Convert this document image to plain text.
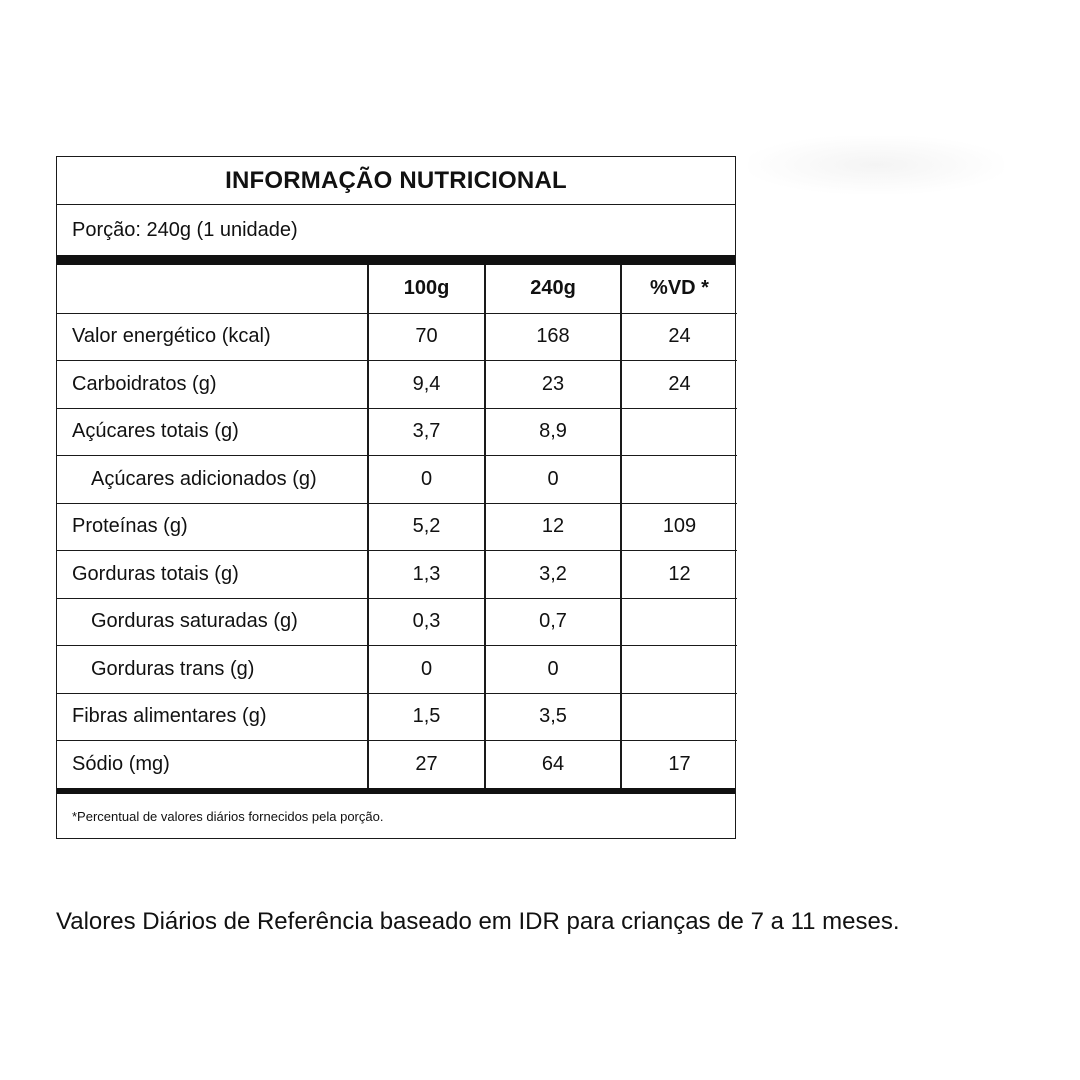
INFORMAÇÃO NUTRICIONAL
Porção: 240g (1 unidade)
	100g	240g	%VD *
Valor energético (kcal)	70	168	24
Carboidratos (g)	9,4	23	24
Açúcares totais (g)	3,7	8,9	
Açúcares adicionados (g)	0	0	
Proteínas (g)	5,2	12	109
Gorduras totais (g)	1,3	3,2	12
Gorduras saturadas (g)	0,3	0,7	
Gorduras trans (g)	0	0	
Fibras alimentares (g)	1,5	3,5	
Sódio (mg)	27	64	17
*Percentual de valores diários fornecidos pela porção.
Valores Diários de Referência baseado em IDR para crianças de 7 a 11 meses.
